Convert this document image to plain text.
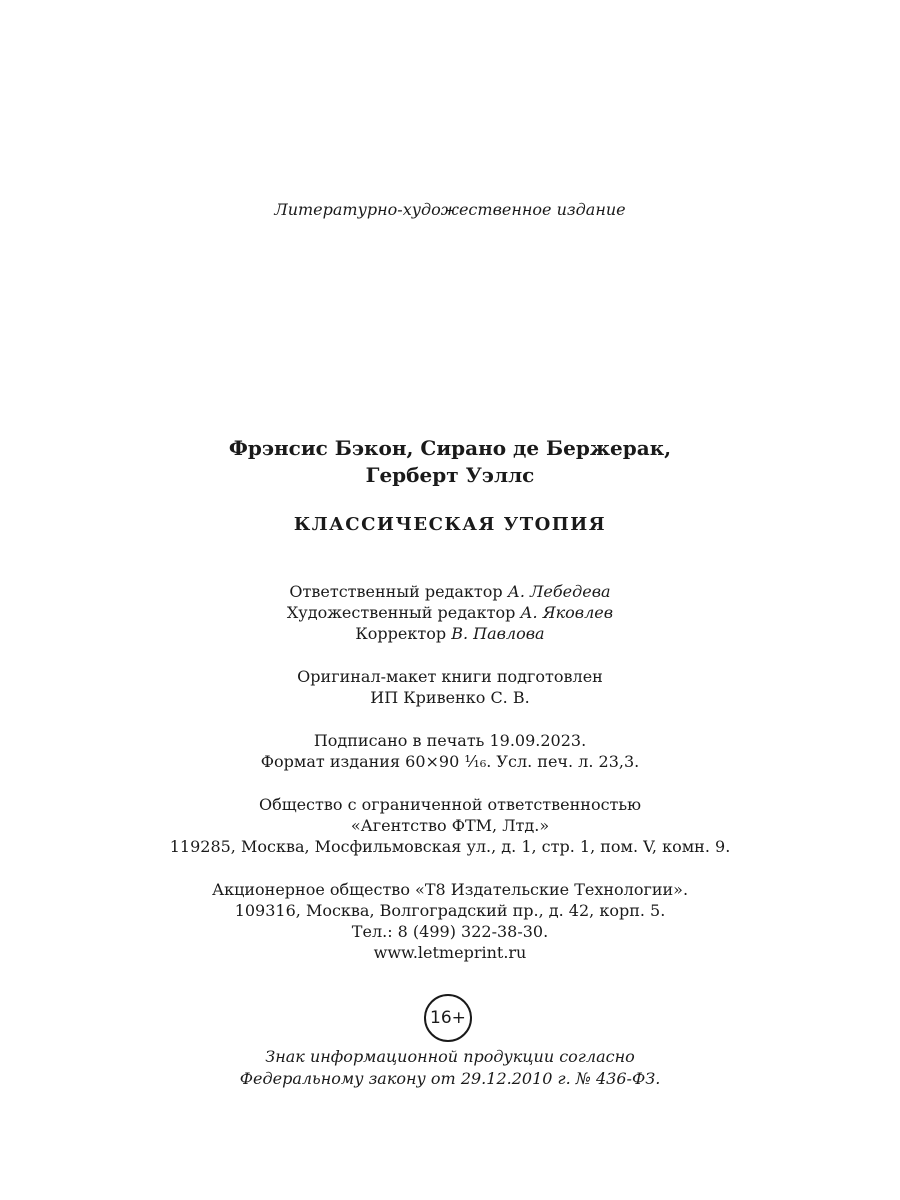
Литературно-художественное издание
Фрэнсис Бэкон, Сирано де Бержерак,
Герберт Уэллс
КЛАССИЧЕСКАЯ УТОПИЯ
Ответственный редактор А. Лебедева
Художественный редактор А. Яковлев
Корректор В. Павлова
Оригинал-макет книги подготовлен
ИП Кривенко С. В.
Подписано в печать 19.09.2023.
Формат издания 60×90 ¹⁄₁₆. Усл. печ. л. 23,3.
Общество с ограниченной ответственностью
«Агентство ФТМ, Лтд.»
119285, Москва, Мосфильмовская ул., д. 1, стр. 1, пом. V, комн. 9.
Акционерное общество «Т8 Издательские Технологии».
109316, Москва, Волгоградский пр., д. 42, корп. 5.
Тел.: 8 (499) 322-38-30.
www.letmeprint.ru
16+
Знак информационной продукции согласно
Федеральному закону от 29.12.2010 г. № 436-ФЗ.
